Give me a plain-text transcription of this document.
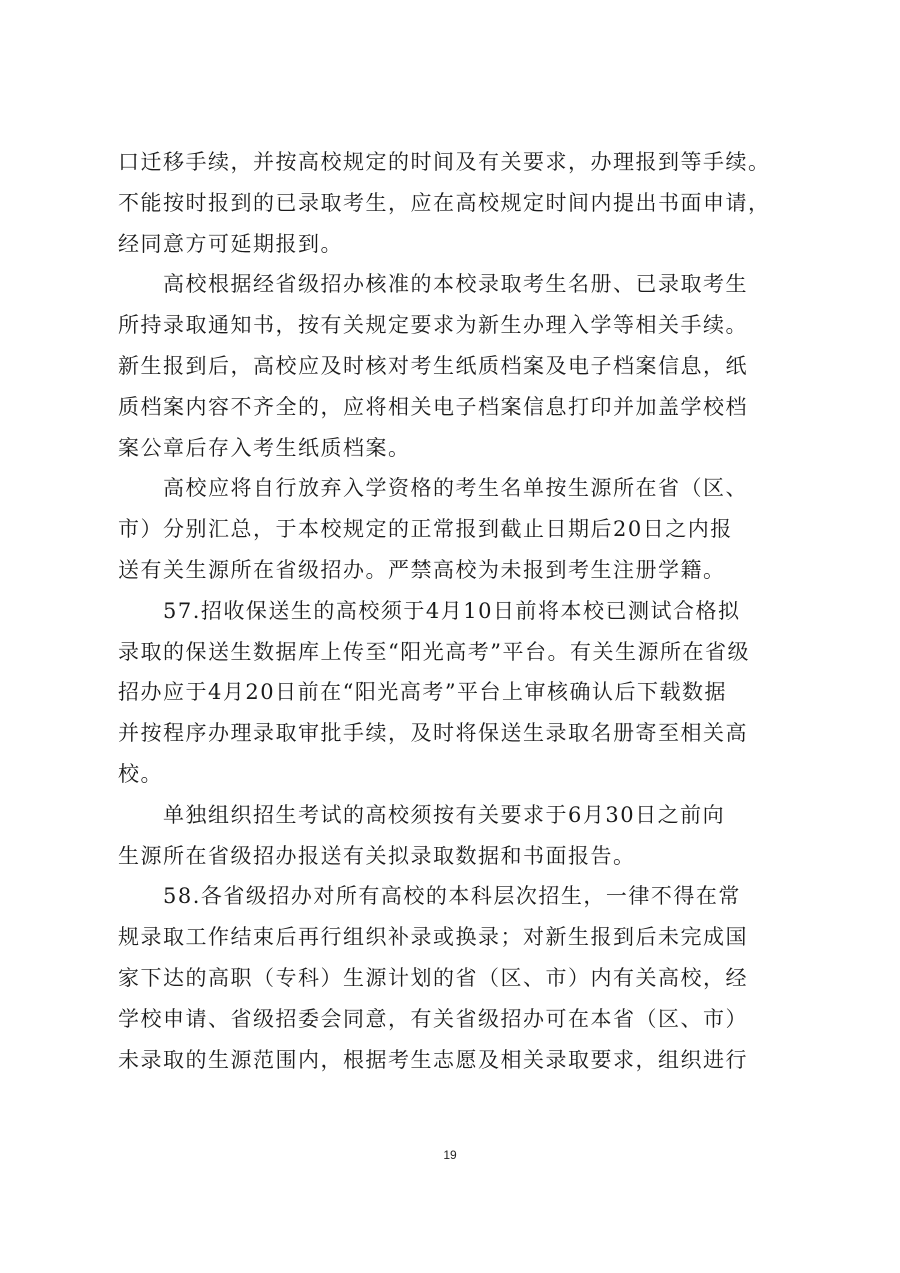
口迁移手续，并按高校规定的时间及有关要求，办理报到等手续。
不能按时报到的已录取考生，应在高校规定时间内提出书面申请，
经同意方可延期报到。
　　高校根据经省级招办核准的本校录取考生名册、已录取考生
所持录取通知书，按有关规定要求为新生办理入学等相关手续。
新生报到后，高校应及时核对考生纸质档案及电子档案信息，纸
质档案内容不齐全的，应将相关电子档案信息打印并加盖学校档
案公章后存入考生纸质档案。
　　高校应将自行放弃入学资格的考生名单按生源所在省（区、
市）分别汇总，于本校规定的正常报到截止日期后20日之内报
送有关生源所在省级招办。严禁高校为未报到考生注册学籍。
　　57.招收保送生的高校须于4月10日前将本校已测试合格拟
录取的保送生数据库上传至“阳光高考”平台。有关生源所在省级
招办应于4月20日前在“阳光高考”平台上审核确认后下载数据
并按程序办理录取审批手续，及时将保送生录取名册寄至相关高
校。
　　单独组织招生考试的高校须按有关要求于6月30日之前向
生源所在省级招办报送有关拟录取数据和书面报告。
　　58.各省级招办对所有高校的本科层次招生，一律不得在常
规录取工作结束后再行组织补录或换录；对新生报到后未完成国
家下达的高职（专科）生源计划的省（区、市）内有关高校，经
学校申请、省级招委会同意，有关省级招办可在本省（区、市）
未录取的生源范围内，根据考生志愿及相关录取要求，组织进行
19
